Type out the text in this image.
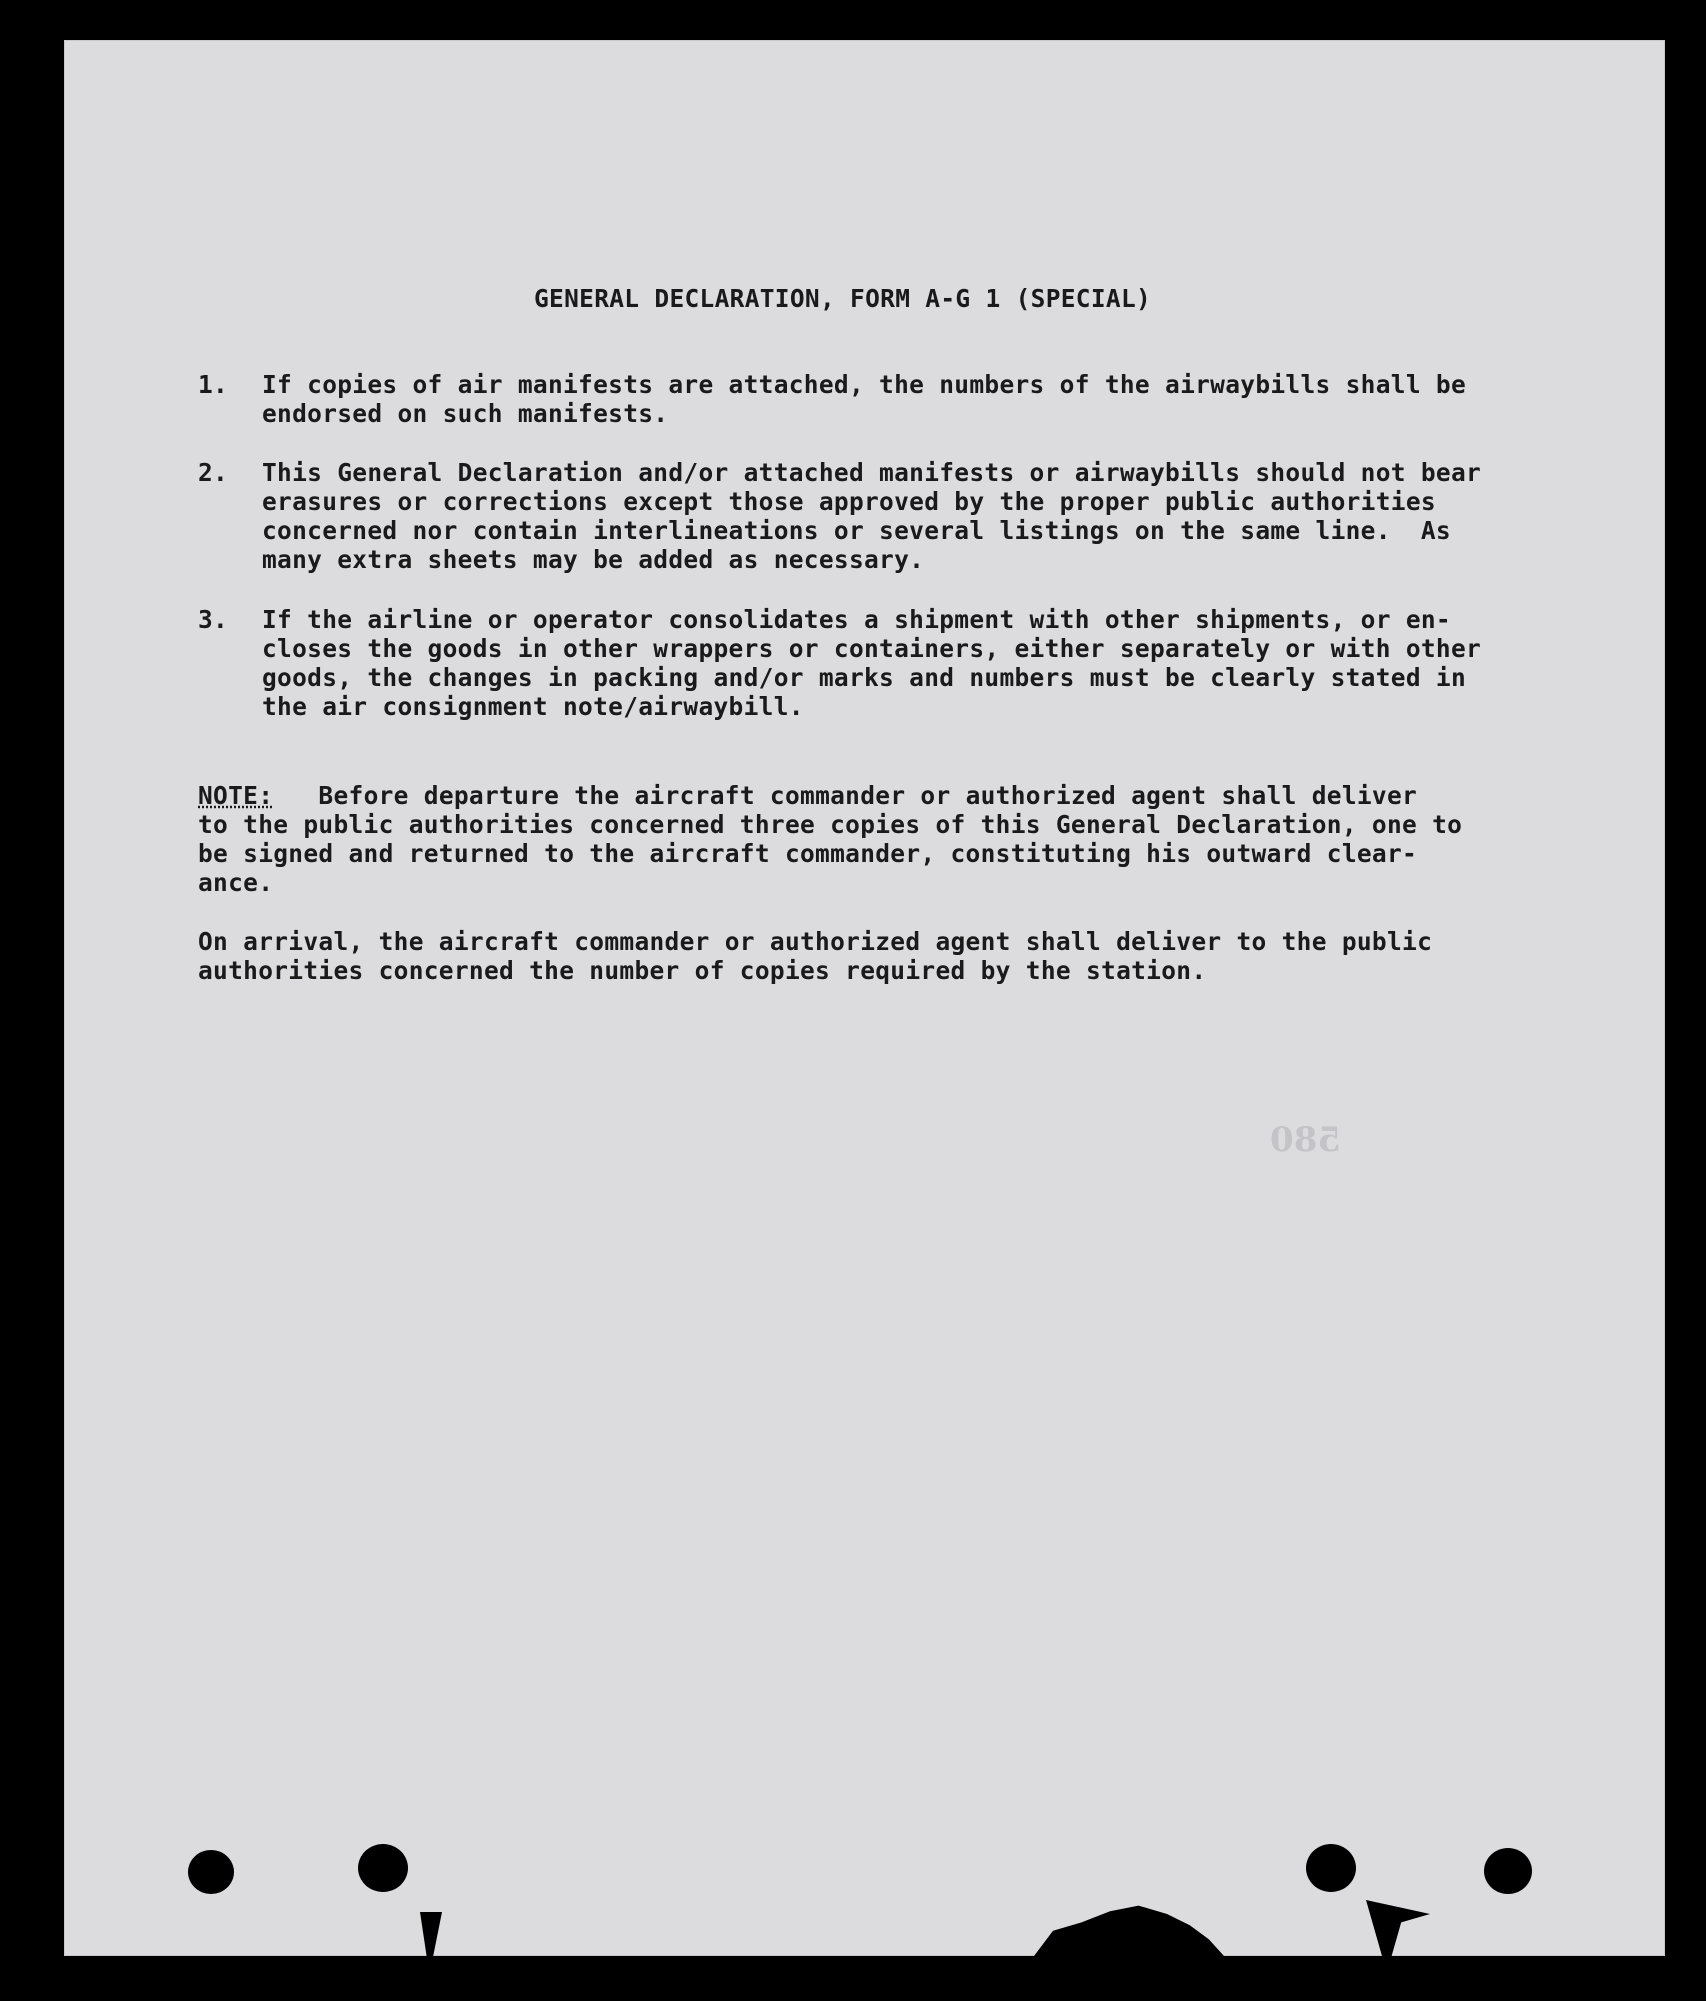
GENERAL DECLARATION, FORM A-G 1 (SPECIAL)

1. If copies of air manifests are attached, the numbers of the airwaybills shall be

endorsed on such manifests.

2. This General Declaration and/or attached manifests or airwaybills should not bear

erasures or corrections except those approved by the proper public authorities

concerned nor contain interlineations or several listings on the same line.  As

many extra sheets may be added as necessary.

3. If the airline or operator consolidates a shipment with other shipments, or en-

closes the goods in other wrappers or containers, either separately or with other

goods, the changes in packing and/or marks and numbers must be clearly stated in

the air consignment note/airwaybill.

NOTE:   Before departure the aircraft commander or authorized agent shall deliver

to the public authorities concerned three copies of this General Declaration, one to

be signed and returned to the aircraft commander, constituting his outward clear-

ance.

On arrival, the aircraft commander or authorized agent shall deliver to the public

authorities concerned the number of copies required by the station.

580
